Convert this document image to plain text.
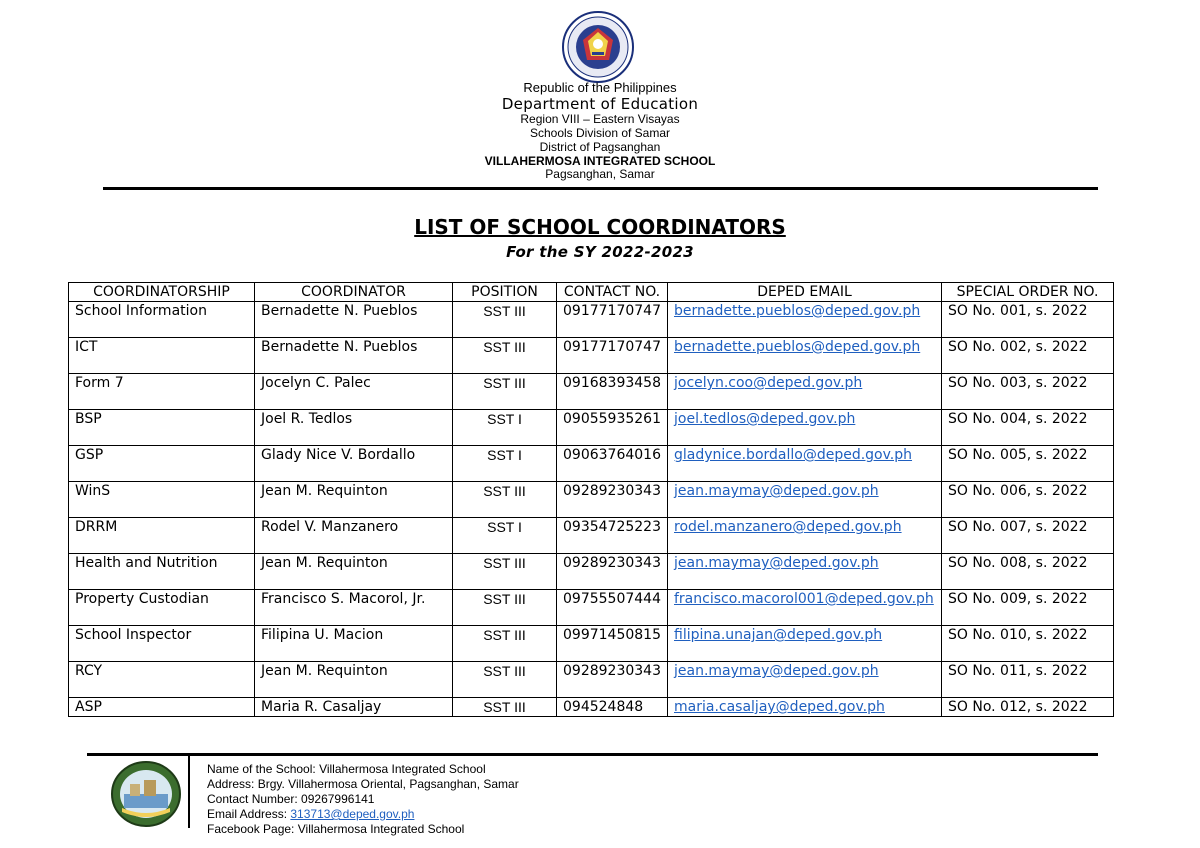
Republic of the Philippines
Department of Education
Region VIII – Eastern Visayas
Schools Division of Samar
District of Pagsanghan
VILLAHERMOSA INTEGRATED SCHOOL
Pagsanghan, Samar
LIST OF SCHOOL COORDINATORS
For the SY 2022-2023
COORDINATORSHIP	COORDINATOR	POSITION	CONTACT NO.	DEPED EMAIL	SPECIAL ORDER NO.
School Information	Bernadette N. Pueblos	SST III	09177170747	bernadette.pueblos@deped.gov.ph	SO No. 001, s. 2022
ICT	Bernadette N. Pueblos	SST III	09177170747	bernadette.pueblos@deped.gov.ph	SO No. 002, s. 2022
Form 7	Jocelyn C. Palec	SST III	09168393458	jocelyn.coo@deped.gov.ph	SO No. 003, s. 2022
BSP	Joel R. Tedlos	SST I	09055935261	joel.tedlos@deped.gov.ph	SO No. 004, s. 2022
GSP	Glady Nice V. Bordallo	SST I	09063764016	gladynice.bordallo@deped.gov.ph	SO No. 005, s. 2022
WinS	Jean M. Requinton	SST III	09289230343	jean.maymay@deped.gov.ph	SO No. 006, s. 2022
DRRM	Rodel V. Manzanero	SST I	09354725223	rodel.manzanero@deped.gov.ph	SO No. 007, s. 2022
Health and Nutrition	Jean M. Requinton	SST III	09289230343	jean.maymay@deped.gov.ph	SO No. 008, s. 2022
Property Custodian	Francisco S. Macorol, Jr.	SST III	09755507444	francisco.macorol001@deped.gov.ph	SO No. 009, s. 2022
School Inspector	Filipina U. Macion	SST III	09971450815	filipina.unajan@deped.gov.ph	SO No. 010, s. 2022
RCY	Jean M. Requinton	SST III	09289230343	jean.maymay@deped.gov.ph	SO No. 011, s. 2022
ASP	Maria R. Casaljay	SST III	094524848	maria.casaljay@deped.gov.ph	SO No. 012, s. 2022
Name of the School: Villahermosa Integrated School
Address: Brgy. Villahermosa Oriental, Pagsanghan, Samar
Contact Number: 09267996141
Email Address: 313713@deped.gov.ph
Facebook Page: Villahermosa Integrated School
